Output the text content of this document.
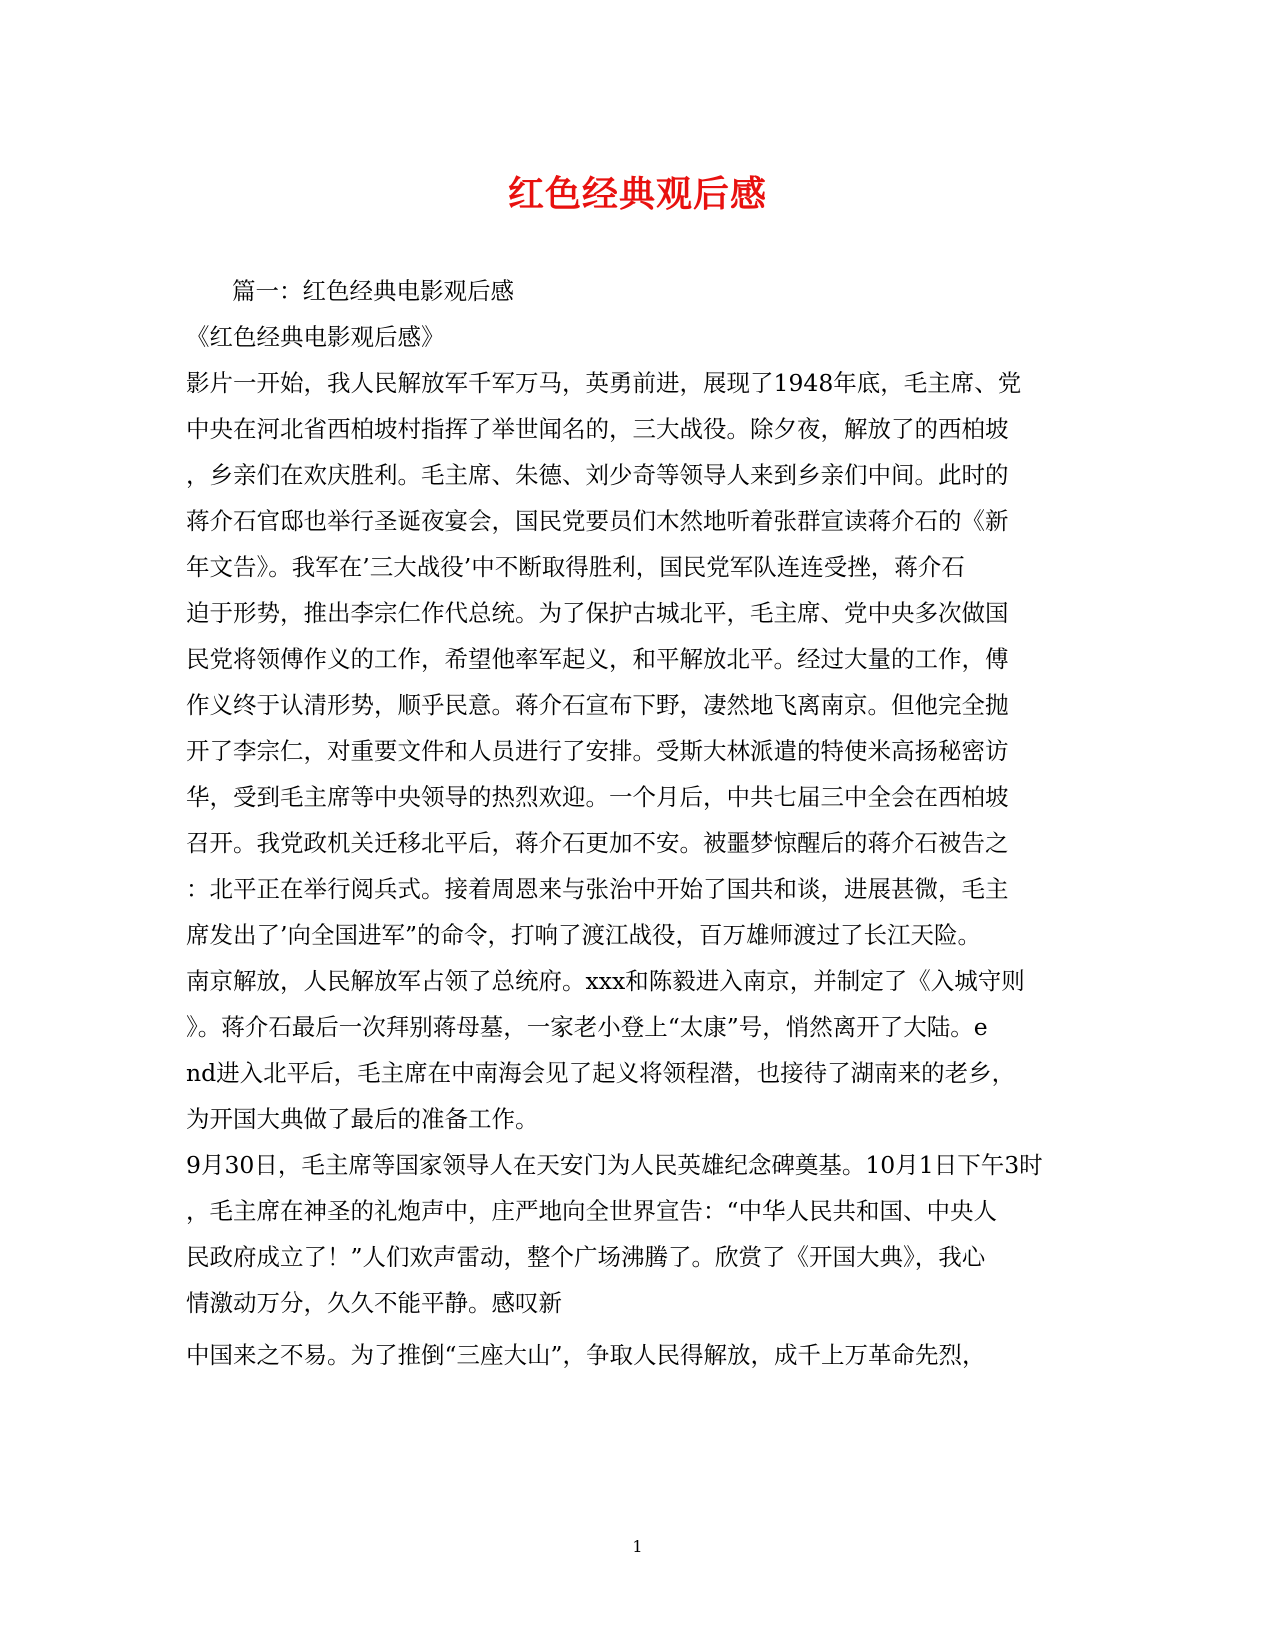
红色经典观后感
篇一：红色经典电影观后感
《红色经典电影观后感》
影片一开始，我人民解放军千军万马，英勇前进，展现了1948年底，毛主席、党
中央在河北省西柏坡村指挥了举世闻名的，三大战役。除夕夜，解放了的西柏坡
，乡亲们在欢庆胜利。毛主席、朱德、刘少奇等领导人来到乡亲们中间。此时的
蒋介石官邸也举行圣诞夜宴会，国民党要员们木然地听着张群宣读蒋介石的《新
年文告》。我军在’三大战役’中不断取得胜利，国民党军队连连受挫，蒋介石
迫于形势，推出李宗仁作代总统。为了保护古城北平，毛主席、党中央多次做国
民党将领傅作义的工作，希望他率军起义，和平解放北平。经过大量的工作，傅
作义终于认清形势，顺乎民意。蒋介石宣布下野，凄然地飞离南京。但他完全抛
开了李宗仁，对重要文件和人员进行了安排。受斯大林派遣的特使米高扬秘密访
华，受到毛主席等中央领导的热烈欢迎。一个月后，中共七届三中全会在西柏坡
召开。我党政机关迁移北平后，蒋介石更加不安。被噩梦惊醒后的蒋介石被告之
：北平正在举行阅兵式。接着周恩来与张治中开始了国共和谈，进展甚微，毛主
席发出了’向全国进军”的命令，打响了渡江战役，百万雄师渡过了长江天险。
南京解放，人民解放军占领了总统府。xxx和陈毅进入南京，并制定了《入城守则
》。蒋介石最后一次拜别蒋母墓，一家老小登上“太康”号，悄然离开了大陆。e
nd进入北平后，毛主席在中南海会见了起义将领程潜，也接待了湖南来的老乡，
为开国大典做了最后的准备工作。
9月30日，毛主席等国家领导人在天安门为人民英雄纪念碑奠基。10月1日下午3时
，毛主席在神圣的礼炮声中，庄严地向全世界宣告：“中华人民共和国、中央人
民政府成立了！”人们欢声雷动，整个广场沸腾了。欣赏了《开国大典》，我心
情激动万分，久久不能平静。感叹新
中国来之不易。为了推倒“三座大山”，争取人民得解放，成千上万革命先烈，
1
